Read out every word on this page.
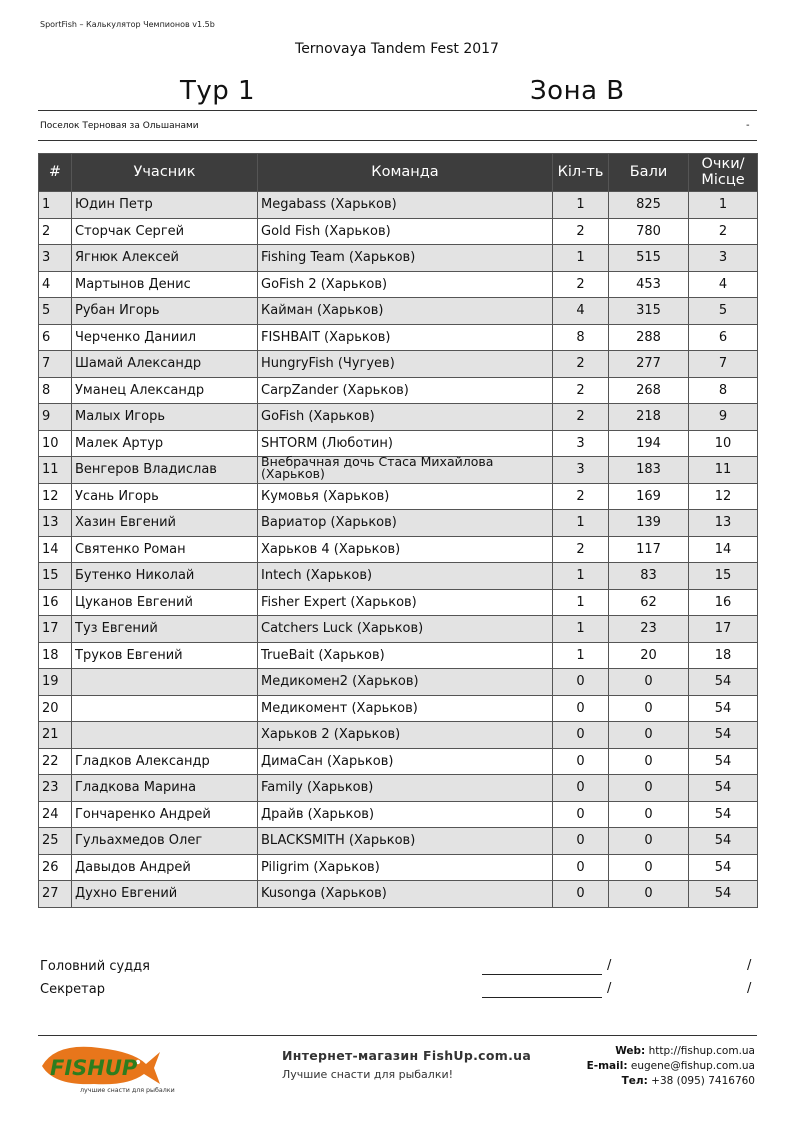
SportFish – Калькулятор Чемпионов v1.5b
Ternovaya Tandem Fest 2017
Тур 1	Зона B
Поселок Терновая за Ольшанами	-
#	Учасник	Команда	Кіл-ть	Бали	Очки/
Місце
1	Юдин Петр	Megabass (Харьков)	1	825	1
2	Сторчак Сергей	Gold Fish (Харьков)	2	780	2
3	Ягнюк Алексей	Fishing Team (Харьков)	1	515	3
4	Мартынов Денис	GoFish 2 (Харьков)	2	453	4
5	Рубан Игорь	Кайман (Харьков)	4	315	5
6	Черченко Даниил	FISHBAIT (Харьков)	8	288	6
7	Шамай Александр	HungryFish (Чугуев)	2	277	7
8	Уманец Александр	CarpZander (Харьков)	2	268	8
9	Малых Игорь	GoFish (Харьков)	2	218	9
10	Малек Артур	SHTORM (Люботин)	3	194	10
11	Венгеров Владислав	Внебрачная дочь Стаса Михайлова (Харьков)	3	183	11
12	Усань Игорь	Кумовья (Харьков)	2	169	12
13	Хазин Евгений	Вариатор (Харьков)	1	139	13
14	Святенко Роман	Харьков 4 (Харьков)	2	117	14
15	Бутенко Николай	Intech (Харьков)	1	83	15
16	Цуканов Евгений	Fisher Expert (Харьков)	1	62	16
17	Туз Евгений	Catchers Luck (Харьков)	1	23	17
18	Труков Евгений	TrueBait (Харьков)	1	20	18
19		Медикомен2 (Харьков)	0	0	54
20		Медикомент (Харьков)	0	0	54
21		Харьков 2 (Харьков)	0	0	54
22	Гладков Александр	ДимаСан (Харьков)	0	0	54
23	Гладкова Марина	Family (Харьков)	0	0	54
24	Гончаренко Андрей	Драйв (Харьков)	0	0	54
25	Гульахмедов Олег	BLACKSMITH (Харьков)	0	0	54
26	Давыдов Андрей	Piligrim (Харьков)	0	0	54
27	Духно Евгений	Kusonga (Харьков)	0	0	54
Головний суддя	/	/
Секретар	/	/
FISHUP
лучшие снасти для рыбалки
Интернет-магазин FishUp.com.ua
Лучшие снасти для рыбалки!
Web: http://fishup.com.ua
E-mail: eugene@fishup.com.ua
Тел: +38 (095) 7416760
